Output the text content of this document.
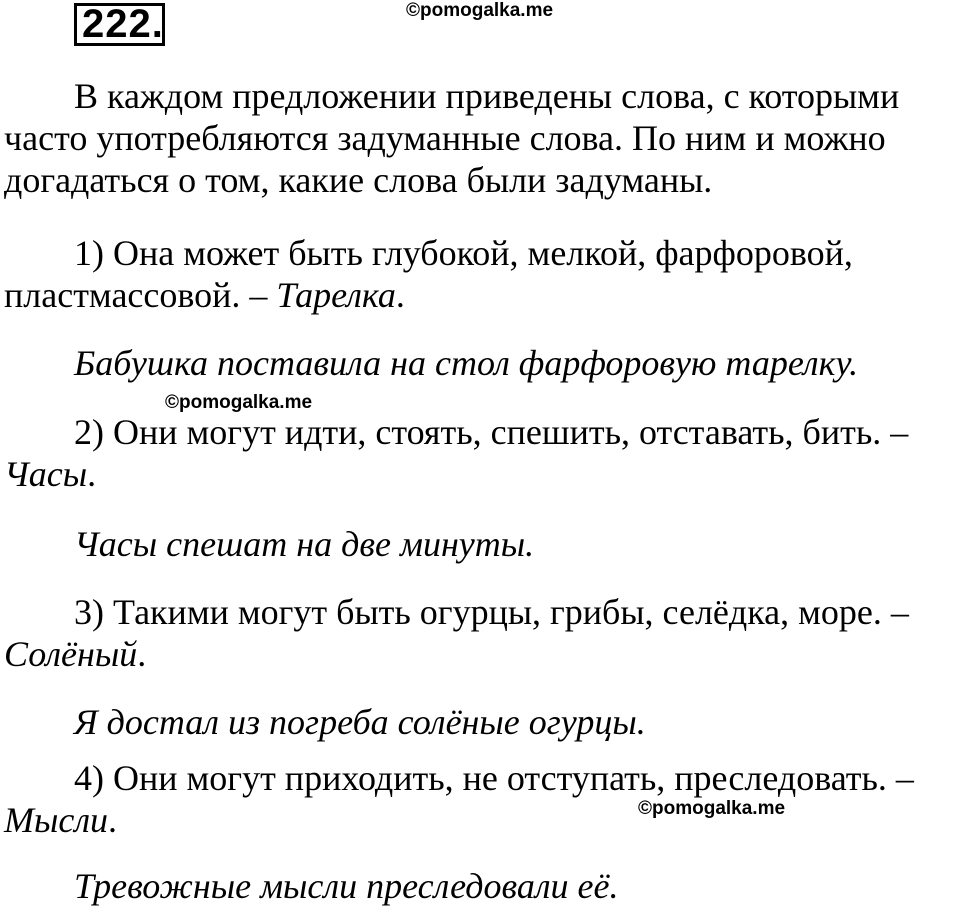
222.	©pomogalka.me
©pomogalka.me
©pomogalka.me
В каждом предложении приведены слова, с которыми
часто употребляются задуманные слова. По ним и можно
догадаться о том, какие слова были задуманы.
1) Она может быть глубокой, мелкой, фарфоровой,
пластмассовой. – Тарелка.
Бабушка поставила на стол фарфоровую тарелку.
2) Они могут идти, стоять, спешить, отставать, бить. –
Часы.
Часы спешат на две минуты.
3) Такими могут быть огурцы, грибы, селёдка, море. –
Солёный.
Я достал из погреба солёные огурцы.
4) Они могут приходить, не отступать, преследовать. –
Мысли.
Тревожные мысли преследовали её.
